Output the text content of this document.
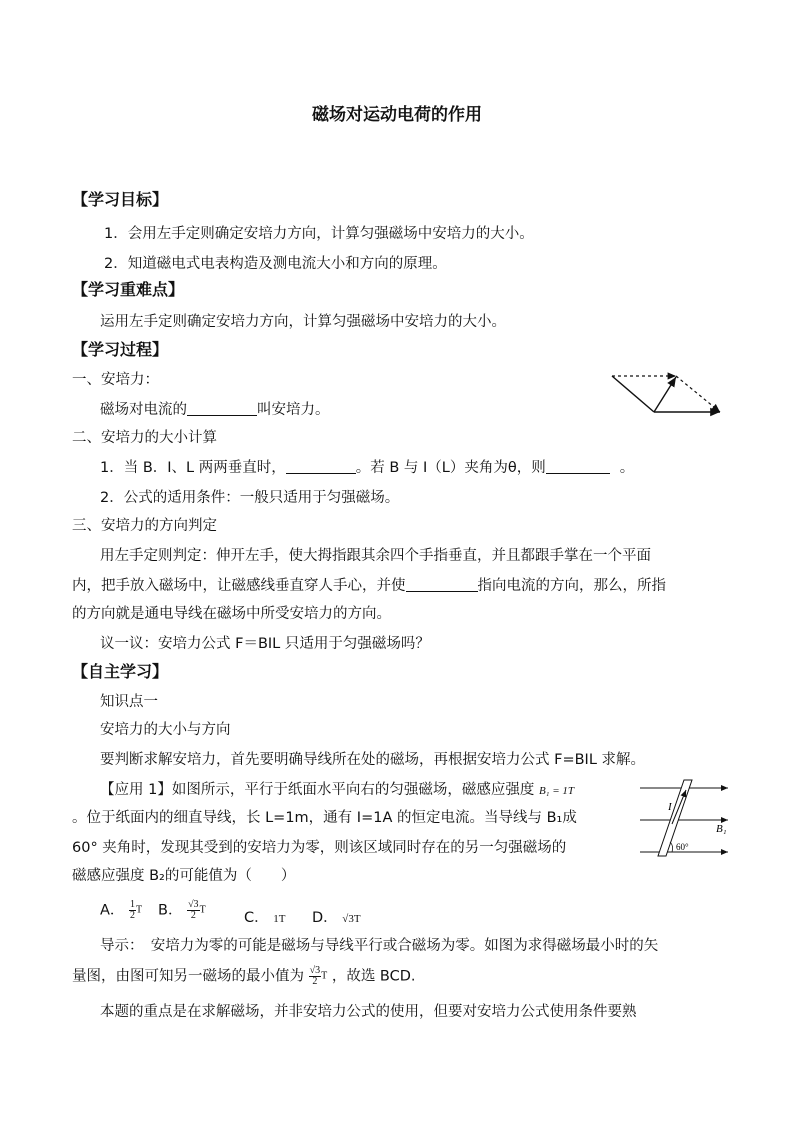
磁场对运动电荷的作用
【学习目标】
1．会用左手定则确定安培力方向，计算匀强磁场中安培力的大小。
2．知道磁电式电表构造及测电流大小和方向的原理。
【学习重难点】
运用左手定则确定安培力方向，计算匀强磁场中安培力的大小。
【学习过程】
一、安培力：
磁场对电流的	叫安培力。
二、安培力的大小计算
1．当 B．I、L 两两垂直时，	。若 B 与 I（L）夹角为θ，则	。
2．公式的适用条件：一般只适用于匀强磁场。
三、安培力的方向判定
用左手定则判定：伸开左手，使大拇指跟其余四个手指垂直，并且都跟手掌在一个平面
内，把手放入磁场中，让磁感线垂直穿人手心，并使	指向电流的方向，那么，所指
的方向就是通电导线在磁场中所受安培力的方向。
议一议：安培力公式 F＝BIL 只适用于匀强磁场吗？
【自主学习】
知识点一
安培力的大小与方向
要判断求解安培力，首先要明确导线所在处的磁场，再根据安培力公式 F=BIL 求解。
【应用 1】如图所示，平行于纸面水平向右的匀强磁场，磁感应强度 B₁ = 1T
。位于纸面内的细直导线，长 L=1m，通有 I=1A 的恒定电流。当导线与 B₁成
60° 夹角时，发现其受到的安培力为零，则该区域同时存在的另一匀强磁场的
磁感应强度 B₂的可能值为（　　）
A． $\frac{1}{2}$ T B． $\frac{√3}{2}$ T	C． 1T D． √3T
导示：　安培力为零的可能是磁场与导线平行或合磁场为零。如图为求得磁场最小时的矢
量图，由图可知另一磁场的最小值为 $\frac{√3}{2}$ T ，故选 BCD.
本题的重点是在求解磁场，并非安培力公式的使用，但要对安培力公式使用条件要熟
I
B₁
60°
